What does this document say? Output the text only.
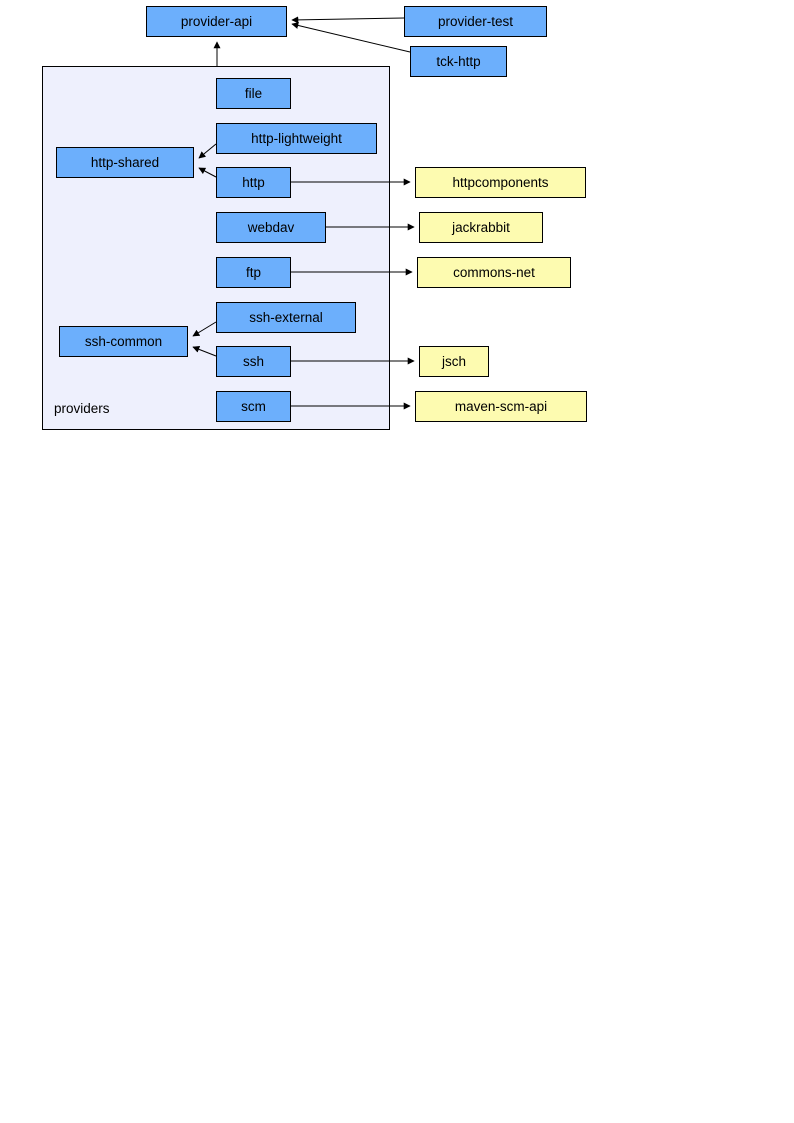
providers
provider-api	provider-test
tck-http
file
http-lightweight
http-shared
http	httpcomponents
webdav	jackrabbit
ftp	commons-net
ssh-external
ssh-common
ssh	jsch
scm	maven-scm-api
